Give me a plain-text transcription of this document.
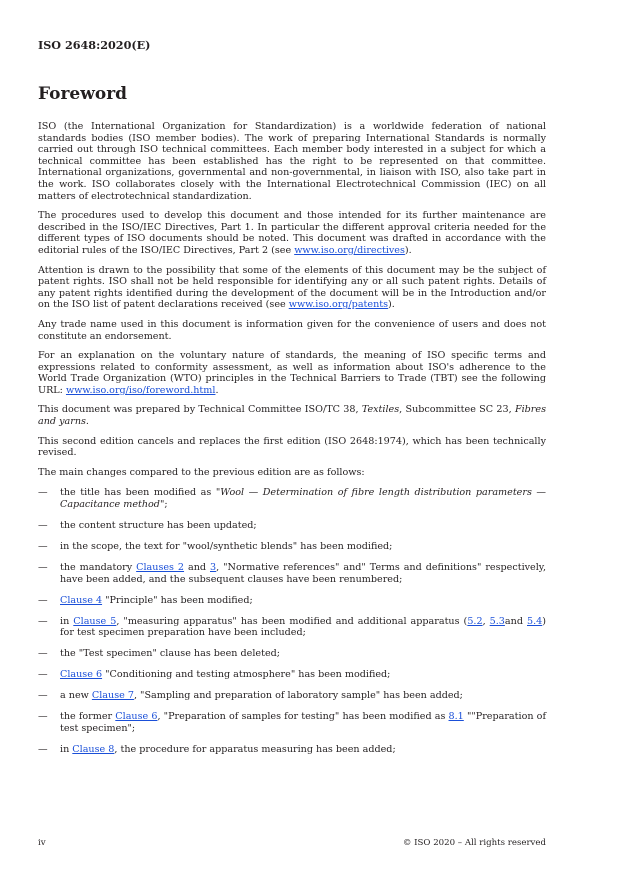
ISO 2648:2020(E)
Foreword

ISO (the International Organization for Standardization) is a worldwide federation of national standards bodies (ISO member bodies). The work of preparing International Standards is normally carried out through ISO technical committees. Each member body interested in a subject for which a technical committee has been established has the right to be represented on that committee. International organizations, governmental and non-governmental, in liaison with ISO, also take part in the work. ISO collaborates closely with the International Electrotechnical Commission (IEC) on all matters of electrotechnical standardization.

The procedures used to develop this document and those intended for its further maintenance are described in the ISO/IEC Directives, Part 1. In particular the different approval criteria needed for the different types of ISO documents should be noted. This document was drafted in accordance with the editorial rules of the ISO/IEC Directives, Part 2 (see www.iso.org/directives).

Attention is drawn to the possibility that some of the elements of this document may be the subject of patent rights. ISO shall not be held responsible for identifying any or all such patent rights. Details of any patent rights identified during the development of the document will be in the Introduction and/or on the ISO list of patent declarations received (see www.iso.org/patents).

Any trade name used in this document is information given for the convenience of users and does not constitute an endorsement.

For an explanation on the voluntary nature of standards, the meaning of ISO specific terms and expressions related to conformity assessment, as well as information about ISO's adherence to the World Trade Organization (WTO) principles in the Technical Barriers to Trade (TBT) see the following URL: www.iso.org/iso/foreword.html.

This document was prepared by Technical Committee ISO/TC 38, Textiles, Subcommittee SC 23, Fibres and yarns.

This second edition cancels and replaces the first edition (ISO 2648:1974), which has been technically revised.

The main changes compared to the previous edition are as follows:

— the title has been modified as "Wool — Determination of fibre length distribution parameters — Capacitance method";
— the content structure has been updated;
— in the scope, the text for "wool/synthetic blends" has been modified;
— the mandatory Clauses 2 and 3, "Normative references" and" Terms and definitions" respectively, have been added, and the subsequent clauses have been renumbered;
— Clause 4 "Principle" has been modified;
— in Clause 5, "measuring apparatus" has been modified and additional apparatus (5.2, 5.3and 5.4) for test specimen preparation have been included;
— the "Test specimen" clause has been deleted;
— Clause 6 "Conditioning and testing atmosphere" has been modified;
— a new Clause 7, "Sampling and preparation of laboratory sample" has been added;
— the former Clause 6, "Preparation of samples for testing" has been modified as 8.1 ""Preparation of test specimen";
— in Clause 8, the procedure for apparatus measuring has been added;
iv	© ISO 2020 – All rights reserved
